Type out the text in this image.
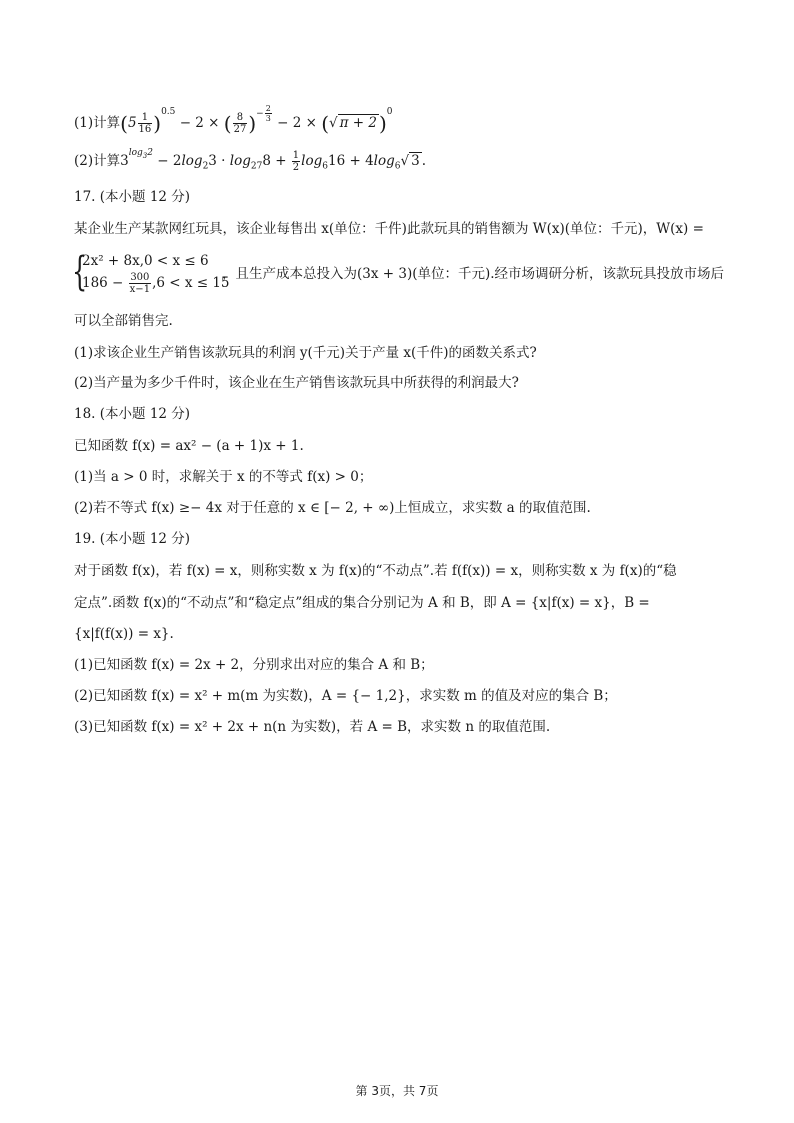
(1)计算$(5 \frac{1}{16} )^{0.5} - 2$ × ( $\frac{8}{27} )^{- \frac{2}{3}} - 2$ × (√ π + 2 )$^0$
(2)计算$3^{log_32} - 2\log_23 \cdot \log_{27}8 + \frac{1}{2} \log_616 + 4\log_6√$ 3 .
17. (本小题 12 分)
某企业生产某款网红玩具，该企业每售出 x(单位：千件)此款玩具的销售额为 W(x)(单位：千元)，W(x) =
{
2x² + 8x,0 < x ≤ 6
$186 - \frac{300}{x-1} ,6 < x \le 15$
，且生产成本总投入为(3x + 3)(单位：千元).经市场调研分析，该款玩具投放市场后
可以全部销售完.
(1)求该企业生产销售该款玩具的利润 y(千元)关于产量 x(千件)的函数关系式?
(2)当产量为多少千件时，该企业在生产销售该款玩具中所获得的利润最大?
18. (本小题 12 分)
已知函数 f(x) = ax² − (a + 1)x + 1.
(1)当 a > 0 时，求解关于 x 的不等式 f(x) > 0；
(2)若不等式 f(x) ≥− 4x 对于任意的 x ∈ [− 2, + ∞)上恒成立，求实数 a 的取值范围.
19. (本小题 12 分)
对于函数 f(x)，若 f(x) = x，则称实数 x 为 f(x)的“不动点”.若 f(f(x)) = x，则称实数 x 为 f(x)的“稳
定点”.函数 f(x)的“不动点”和“稳定点”组成的集合分别记为 A 和 B，即 A = {x|f(x) = x}，B =
{x|f(f(x)) = x}.
(1)已知函数 f(x) = 2x + 2，分别求出对应的集合 A 和 B；
(2)已知函数 f(x) = x² + m(m 为实数)，A = {− 1,2}，求实数 m 的值及对应的集合 B；
(3)已知函数 f(x) = x² + 2x + n(n 为实数)，若 A = B，求实数 n 的取值范围.
第 3页，共 7页
